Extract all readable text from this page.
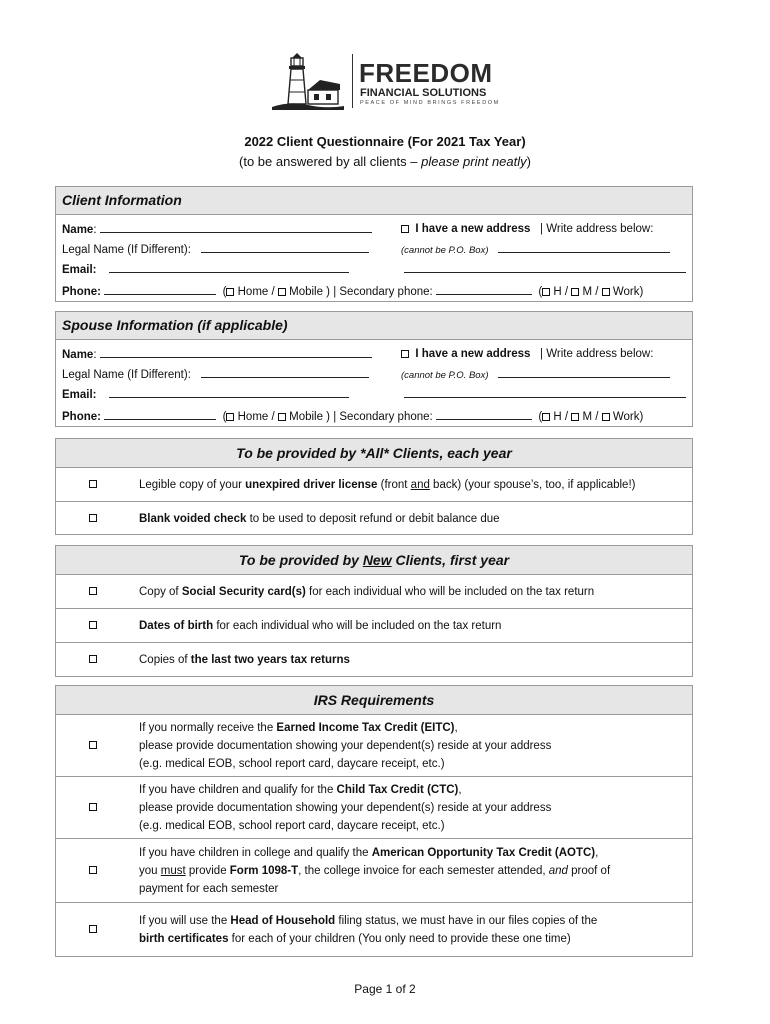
FREEDOM
FINANCIAL SOLUTIONS
PEACE OF MIND BRINGS FREEDOM
2022 Client Questionnaire (For 2021 Tax Year)
(to be answered by all clients – please print neatly)
Client Information
Name:	I have a new address | Write address below:
Legal Name (If Different):	(cannot be P.O. Box)
Email:
Phone:	( Home / Mobile ) | Secondary phone:	( H / M / Work)
Spouse Information (if applicable)
Name:	I have a new address | Write address below:
Legal Name (If Different):	(cannot be P.O. Box)
Email:
Phone:	( Home / Mobile ) | Secondary phone:	( H / M / Work)
To be provided by *All* Clients, each year
Legible copy of your unexpired driver license (front and back) (your spouse’s, too, if applicable!)
Blank voided check to be used to deposit refund or debit balance due
To be provided by New Clients, first year
Copy of Social Security card(s) for each individual who will be included on the tax return
Dates of birth for each individual who will be included on the tax return
Copies of the last two years tax returns
IRS Requirements
If you normally receive the Earned Income Tax Credit (EITC),
please provide documentation showing your dependent(s) reside at your address
(e.g. medical EOB, school report card, daycare receipt, etc.)
If you have children and qualify for the Child Tax Credit (CTC),
please provide documentation showing your dependent(s) reside at your address
(e.g. medical EOB, school report card, daycare receipt, etc.)
If you have children in college and qualify the American Opportunity Tax Credit (AOTC),
you must provide Form 1098-T, the college invoice for each semester attended, and proof of
payment for each semester
If you will use the Head of Household filing status, we must have in our files copies of the
birth certificates for each of your children (You only need to provide these one time)
Page 1 of 2
